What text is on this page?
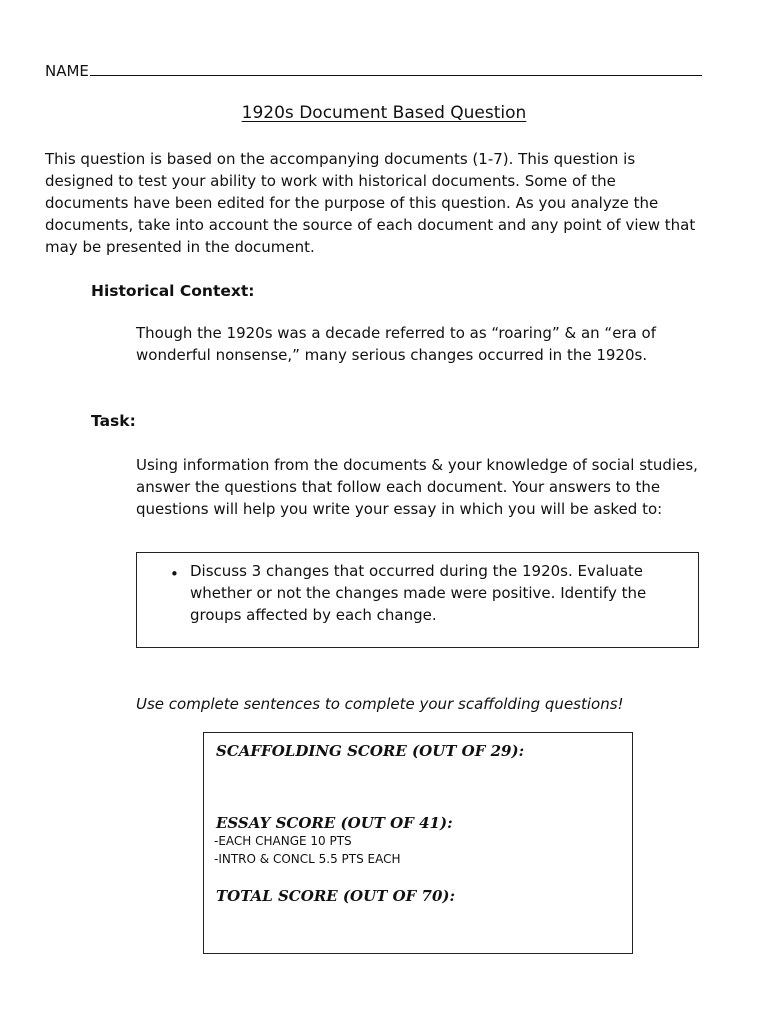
NAME
1920s Document Based Question
This question is based on the accompanying documents (1-7). This question is
designed to test your ability to work with historical documents. Some of the
documents have been edited for the purpose of this question. As you analyze the
documents, take into account the source of each document and any point of view that
may be presented in the document.
Historical Context:
Though the 1920s was a decade referred to as “roaring” & an “era of
wonderful nonsense,” many serious changes occurred in the 1920s.
Task:
Using information from the documents & your knowledge of social studies,
answer the questions that follow each document. Your answers to the
questions will help you write your essay in which you will be asked to:
• Discuss 3 changes that occurred during the 1920s. Evaluate
whether or not the changes made were positive. Identify the
groups affected by each change.
Use complete sentences to complete your scaffolding questions!
SCAFFOLDING SCORE (OUT OF 29):
ESSAY SCORE (OUT OF 41):
-EACH CHANGE 10 PTS
-INTRO & CONCL 5.5 PTS EACH
TOTAL SCORE (OUT OF 70):
